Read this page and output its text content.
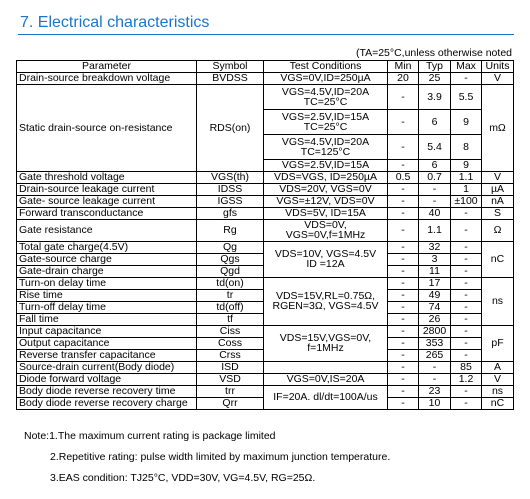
7. Electrical characteristics
(TA=25°C,unless otherwise noted
Parameter	Symbol	Test Conditions	Min	Typ	Max	Units
Drain-source breakdown voltage	BVDSS	VGS=0V,ID=250µA	20	25	-	V
Static drain-source on-resistance	RDS(on)	VGS=4.5V,ID=20A
TC=25°C	-	3.9	5.5	mΩ
		VGS=2.5V,ID=15A
TC=25°C	-	6	9	
		VGS=4.5V,ID=20A
TC=125°C	-	5.4	8	
		VGS=2.5V,ID=15A	-	6	9	
Gate threshold voltage	VGS(th)	VDS=VGS, ID=250µA	0.5	0.7	1.1	V
Drain-source leakage current	IDSS	VDS=20V, VGS=0V	-	-	1	µA
Gate- source leakage current	IGSS	VGS=±12V, VDS=0V	-	-	±100	nA
Forward transconductance	gfs	VDS=5V, ID=15A	-	40	-	S
Gate resistance	Rg	VDS=0V, VGS=0V,f=1MHz	-	1.1	-	Ω
Total gate charge(4.5V)	Qg	VDS=10V, VGS=4.5V
ID =12A	-	32	-	nC
Gate-source charge	Qgs		-	3	-	
Gate-drain charge	Qgd		-	11	-	
Turn-on delay time	td(on)	VDS=15V,RL=0.75Ω,
RGEN=3Ω, VGS=4.5V	-	17	-	ns
Rise time	tr		-	49	-	
Turn-off delay time	td(off)		-	74	-	
Fall time	tf		-	26	-	
Input capacitance	Ciss	VDS=15V,VGS=0V,
f=1MHz	-	2800	-	pF
Output capacitance	Coss		-	353	-	
Reverse transfer capacitance	Crss		-	265	-	
Source-drain current(Body diode)	ISD		-	-	85	A
Diode forward voltage	VSD	VGS=0V,IS=20A	-	-	1.2	V
Body diode reverse recovery time	trr	IF=20A. dl/dt=100A/us	-	23	-	ns
Body diode reverse recovery charge	Qrr		-	10	-	nC
Note:1.The maximum current rating is package limited
2.Repetitive rating: pulse width limited by maximum junction temperature.
3.EAS condition: TJ25°C, VDD=30V, VG=4.5V, RG=25Ω.
